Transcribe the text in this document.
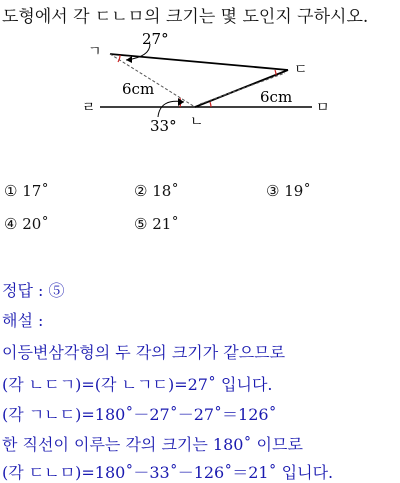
도형에서 각 ㄷㄴㅁ의 크기는 몇 도인지 구하시오.
ㄱ
ㄷ
ㄹ
ㄴ
ㅁ
27°
33°
6cm	6cm
① 17˚	② 18˚	③ 19˚
④ 20˚	⑤ 21˚
정답 : ⑤
해설 :
이등변삼각형의 두 각의 크기가 같으므로
(각 ㄴㄷㄱ)=(각 ㄴㄱㄷ)=27˚ 입니다.
(각 ㄱㄴㄷ)=180˚－27˚－27˚＝126˚
한 직선이 이루는 각의 크기는 180˚ 이므로
(각 ㄷㄴㅁ)=180˚－33˚－126˚＝21˚ 입니다.
